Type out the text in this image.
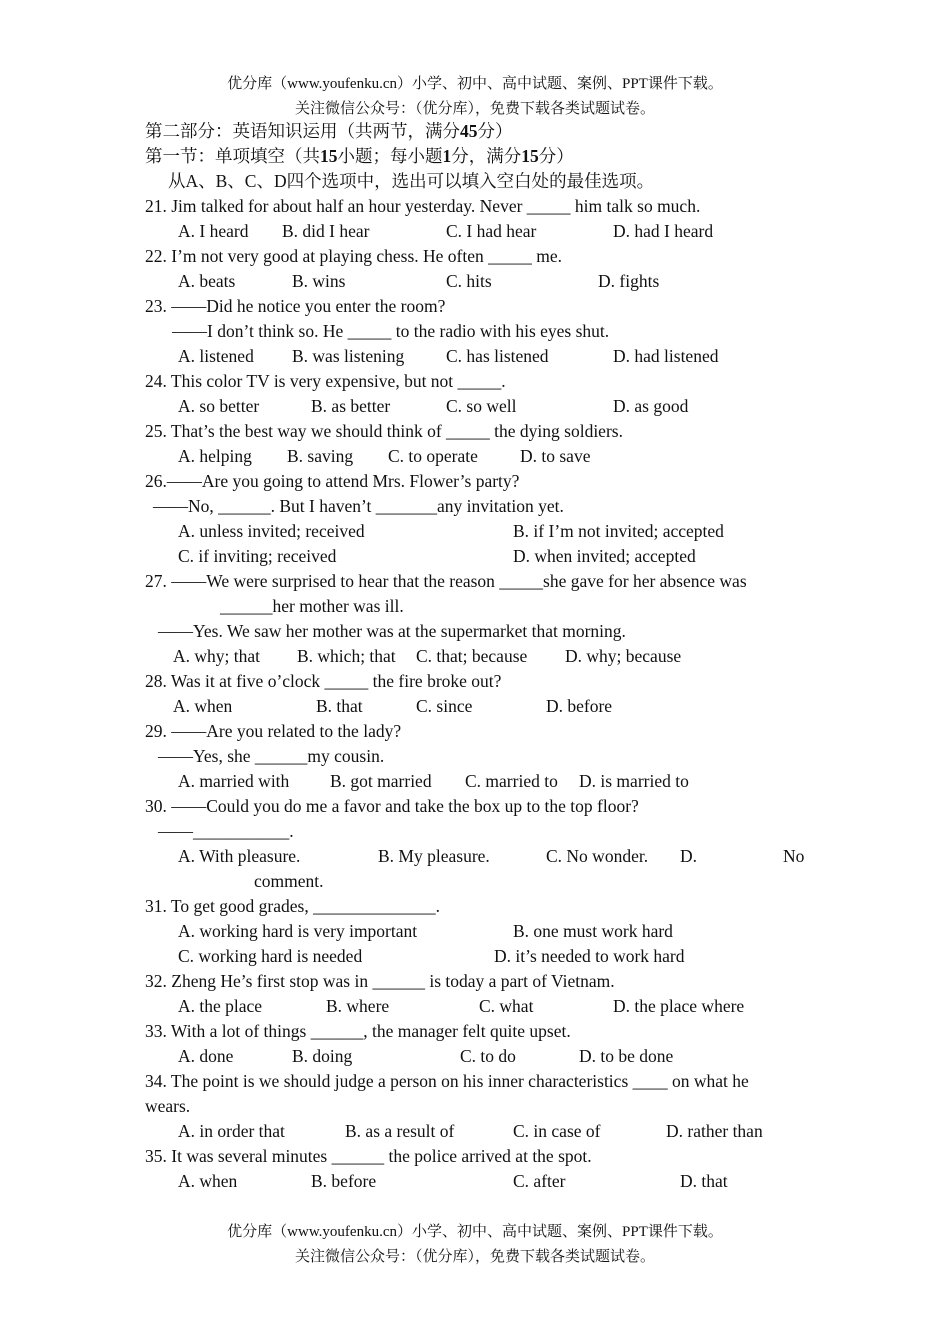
优分库（www.youfenku.cn）小学、初中、高中试题、案例、PPT课件下载。
关注微信公众号：（优分库），免费下载各类试题试卷。
第二部分：英语知识运用（共两节，满分45分）
第一节：单项填空（共15小题；每小题1分，满分15分）
从A、B、C、D四个选项中，选出可以填入空白处的最佳选项。
21. Jim talked for about half an hour yesterday. Never _____ him talk so much.
A. I heard B. did I hear	C. I had hear	D. had I heard
22. I’m not very good at playing chess. He often _____ me.
A. beats	B. wins	C. hits	D. fights
23. ——Did he notice you enter the room?
——I don’t think so. He _____ to the radio with his eyes shut.
A. listened B. was listening C. has listened	D. had listened
24. This color TV is very expensive, but not _____.
A. so better	B. as better	C. so well	D. as good
25. That’s the best way we should think of _____ the dying soldiers.
A. helping B. saving C. to operate D. to save
26.——Are you going to attend Mrs. Flower’s party?
——No, ______. But I haven’t _______any invitation yet.
A. unless invited; received	B. if I’m not invited; accepted
C. if inviting; received	D. when invited; accepted
27. ——We were surprised to hear that the reason _____she gave for her absence was
______her mother was ill.
——Yes. We saw her mother was at the supermarket that morning.
A. why; that B. which; that C. that; because D. why; because
28. Was it at five o’clock _____ the fire broke out?
A. when	B. that	C. since	D. before
29. ——Are you related to the lady?
——Yes, she ______my cousin.
A. married with B. got married C. married to D. is married to
30. ——Could you do me a favor and take the box up to the top floor?
——___________.
A. With pleasure.	B. My pleasure.	C. No wonder. D.	No
comment.
31. To get good grades, ______________.
A. working hard is very important	B. one must work hard
C. working hard is needed	D. it’s needed to work hard
32. Zheng He’s first stop was in ______ is today a part of Vietnam.
A. the place	B. where	C. what	D. the place where
33. With a lot of things ______, the manager felt quite upset.
A. done	B. doing	C. to do	D. to be done
34. The point is we should judge a person on his inner characteristics ____ on what he
wears.
A. in order that	B. as a result of	C. in case of	D. rather than
35. It was several minutes ______ the police arrived at the spot.
A. when	B. before	C. after	D. that
优分库（www.youfenku.cn）小学、初中、高中试题、案例、PPT课件下载。
关注微信公众号：（优分库），免费下载各类试题试卷。
